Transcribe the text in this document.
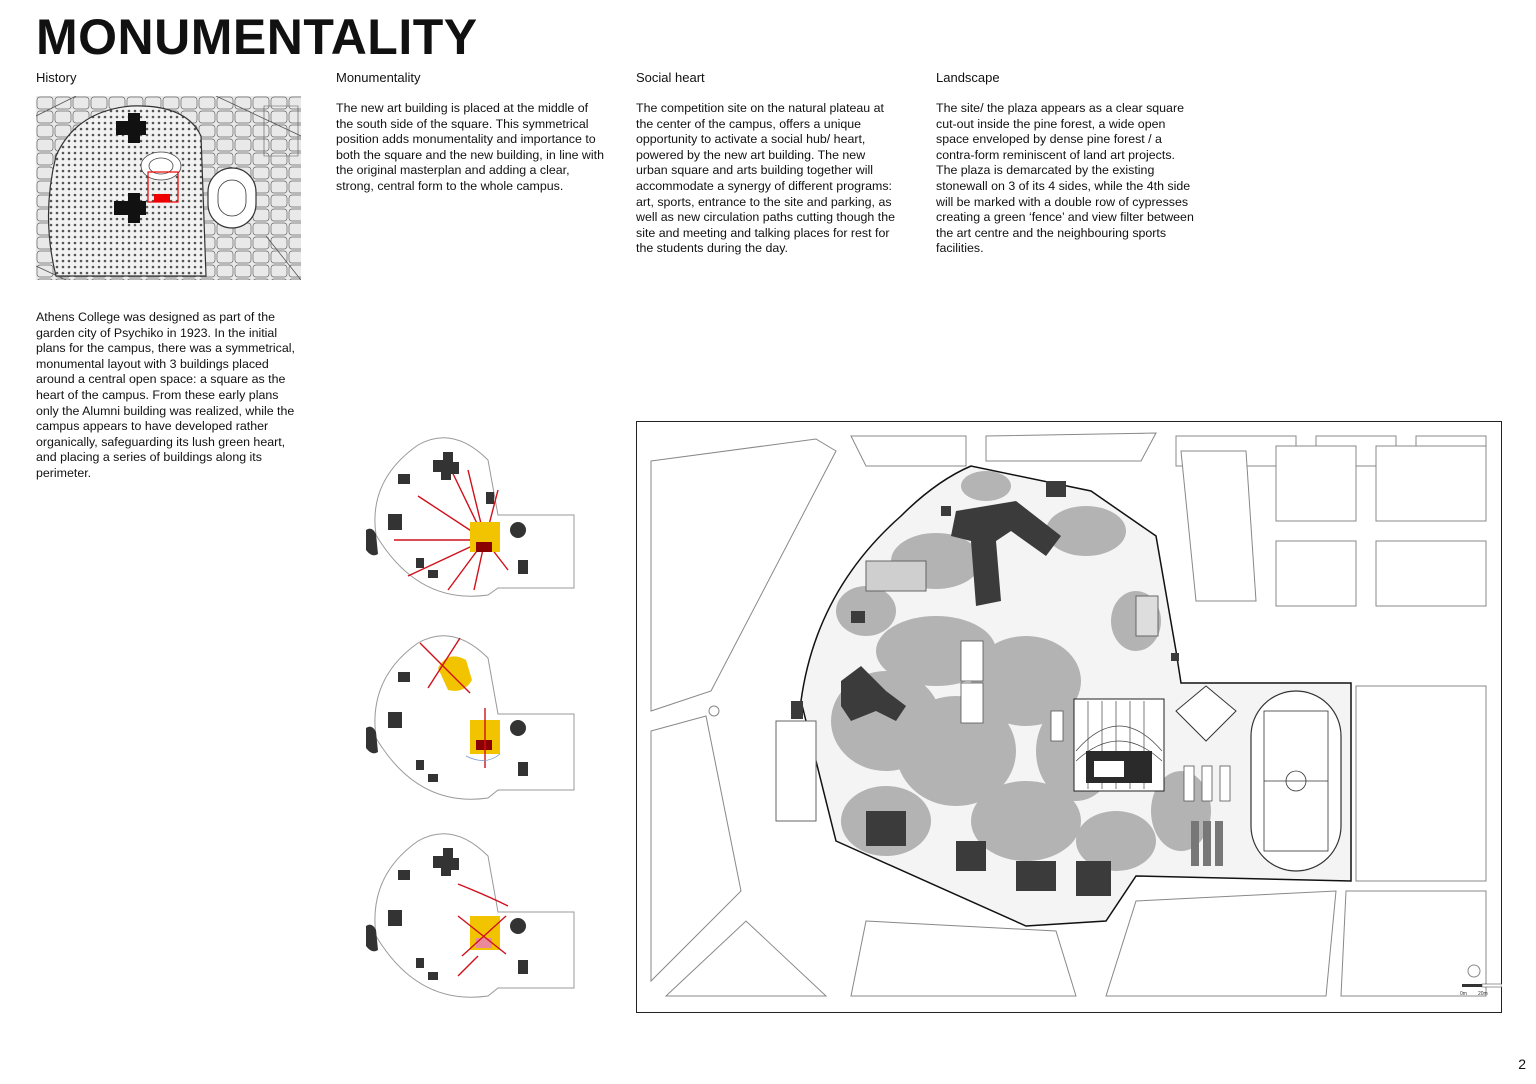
MONUMENTALITY
History	Monumentality	Social heart	Landscape

The new art building is placed at the middle of the south side of the square. This symmetrical position adds monumentality and importance to both the square and the new building, in line with the original masterplan and adding a clear, strong, central form to the whole campus.

The competition site on the natural plateau at the center of the campus, offers a unique opportunity to activate a social hub/ heart, powered by the new art building. The new urban square and arts building together will accommodate a synergy of different programs: art, sports, entrance to the site and parking, as well as new circulation paths cutting though the site and meeting and talking places for rest for the students during the day.

The site/ the plaza appears as a clear square cut-out inside the pine forest, a wide open space enveloped by dense pine forest / a contra-form reminiscent of land art projects. The plaza is demarcated by the existing stonewall on 3 of its 4 sides, while the 4th side will be marked with a double row of cypresses creating a green ‘fence’ and view filter between the art centre and the neighbouring sports facilities.

Athens College was designed as part of the garden city of Psychiko in 1923. In the initial plans for the campus, there was a symmetrical, monumental layout with 3 buildings placed around a central open space: a square as the heart of the campus. From these early plans only the Alumni building was realized, while the campus appears to have developed rather organically, safeguarding its lush green heart, and placing a series of buildings along its perimeter.

0m 20m
2
